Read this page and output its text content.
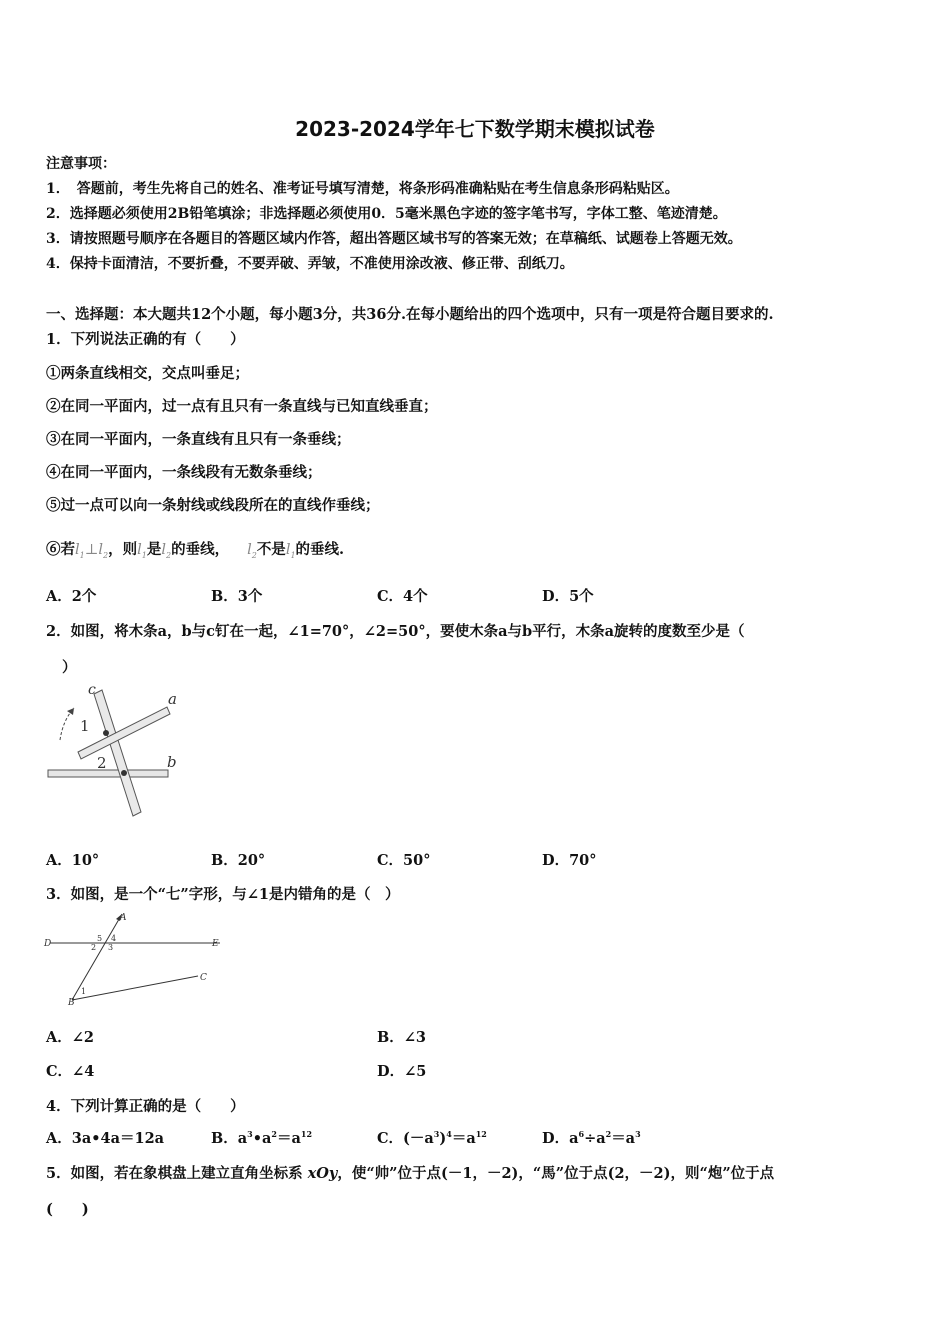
2023-2024学年七下数学期末模拟试卷
注意事项：
1．　答题前，考生先将自己的姓名、准考证号填写清楚，将条形码准确粘贴在考生信息条形码粘贴区。
2．选择题必须使用2B铅笔填涂；非选择题必须使用0．5毫米黑色字迹的签字笔书写，字体工整、笔迹清楚。
3．请按照题号顺序在各题目的答题区域内作答，超出答题区域书写的答案无效；在草稿纸、试题卷上答题无效。
4．保持卡面清洁，不要折叠，不要弄破、弄皱，不准使用涂改液、修正带、刮纸刀。
一、选择题：本大题共12个小题，每小题3分，共36分.在每小题给出的四个选项中，只有一项是符合题目要求的.
1．下列说法正确的有（　　）
①两条直线相交，交点叫垂足；
②在同一平面内，过一点有且只有一条直线与已知直线垂直；
③在同一平面内，一条直线有且只有一条垂线；
④在同一平面内，一条线段有无数条垂线；
⑤过一点可以向一条射线或线段所在的直线作垂线；
⑥若$l_1\perp l_2$，则$l_1$是$l_2$的垂线， $l_2$不是$l_1$的垂线.
A．2个	B．3个	C．4个	D．5个
2．如图，将木条a，b与c钉在一起，∠1=70°，∠2=50°，要使木条a与b平行，木条a旋转的度数至少是（
）
c	a
b
1
2
A．10°	B．20°	C．50°	D．70°
3．如图，是一个“七”字形，与∠1是内错角的是（　）
A
D	E
C
B
1
2 3
4
5
A．∠2	B．∠3
C．∠4	D．∠5
4．下列计算正确的是（　　）
A．3a•4a＝12a	B．$a^3•a^2=a^{12}$	C．$(-a^3)^4=a^{12}$	D．$a^6\div a^2=a^3$
5．如图，若在象棋盘上建立直角坐标系 xOy，使“帅”位于点(－1，－2)，“馬”位于点(2，－2)，则“炮”位于点
(　　)
